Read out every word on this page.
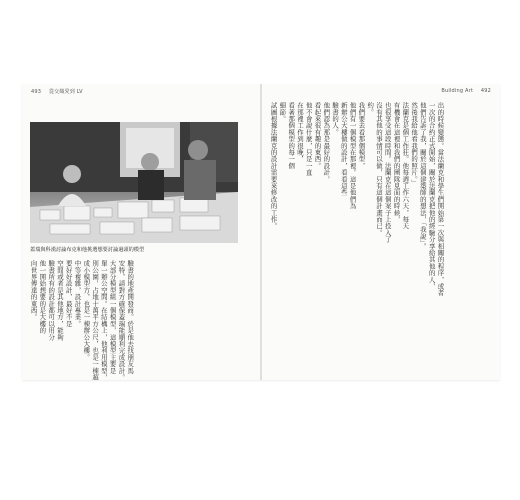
493 從交織愛到 LV	Building Art 492
蓋瑞與科漢討論布克和他挑選想要討論過頭的模型
驗書的地產開發商。於是他去找朋友馬
安特，請對方確保蓋瑞能順利完成設計。
大部分模型組一個模型，這模型主要是
單一辦公空間。在結構上，他利用模型，
別公園，占地十萬平方公尺，也是一棟超
成小模型方，也是一棟辦公大樓。
中等複雜，設計專業。
要好好設計，最好不是
空間或者是其他地方，能夠
驗書所有的設計都可以用分
他一開始想要的是大樓的
向世界傳達的東西。	出的時候變態。當法蘭克和學生們開始第一次與相關的程序，或者
一次的合約正式開始，關於法蘭克把他的經驗分享給其他的人，
他們告訴了我，關於這個建築師的想法，「我說」。
然後我給他看我們的照片。」
法蘭克是個工作狂。他每週工作六天，每天
有機會在這裡和我們的團隊見面的時候，
也很享受這段時間。法蘭克在這個案子上投入了
沒有其他的事情可以做，只有這個計畫而已。
約。
我們要去看那個模型，
他們有一個模型在那裡。這是他們為
新辦公大樓做的設計，看看這些
驗書的人。
他們認為那是最好的設計，
看起來很有趣的東西。
他不會說什麼，只是一直
在那裡工作到很晚，
看著那個模型的每一個
細節。
試圖根據法蘭克的設計需要來修改的工作。
